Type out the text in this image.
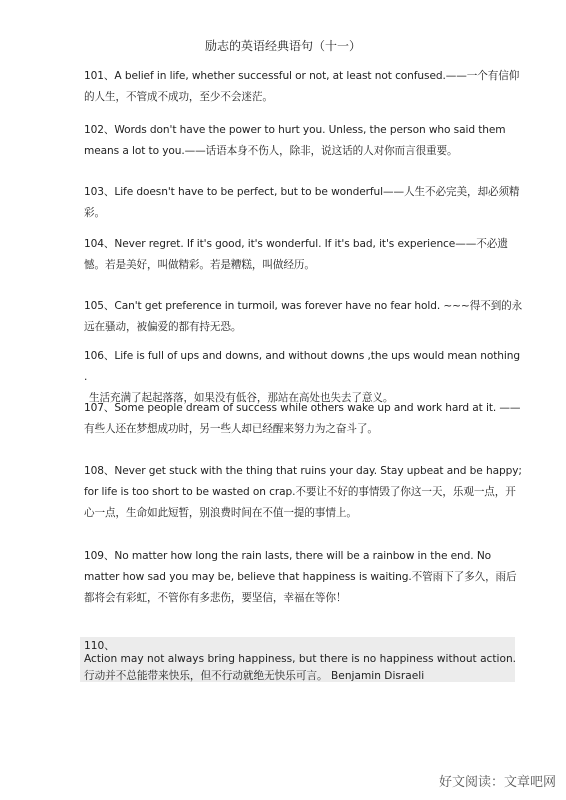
励志的英语经典语句（十一）

101、A belief in life, whether successful or not, at least not confused.——一个有信仰的人生，不管成不成功，至少不会迷茫。

102、Words don't have the power to hurt you. Unless, the person who said them means a lot to you.——话语本身不伤人，除非，说这话的人对你而言很重要。

103、Life doesn't have to be perfect, but to be wonderful——人生不必完美，却必须精彩。

104、Never regret. If it's good, it's wonderful. If it's bad, it's experience——不必遗憾。若是美好，叫做精彩。若是糟糕，叫做经历。

105、Can't get preference in turmoil, was forever have no fear hold. ~~~得不到的永远在骚动，被偏爱的都有持无恐。

106、Life is full of ups and downs, and without downs ,the ups would mean nothing .
生活充满了起起落落，如果没有低谷，那站在高处也失去了意义。

107、Some people dream of success while others wake up and work hard at it. ——
有些人还在梦想成功时，另一些人却已经醒来努力为之奋斗了。

108、Never get stuck with the thing that ruins your day. Stay upbeat and be happy; for life is too short to be wasted on crap.不要让不好的事情毁了你这一天，乐观一点，开心一点，生命如此短暂，别浪费时间在不值一提的事情上。

109、No matter how long the rain lasts, there will be a rainbow in the end. No matter how sad you may be, believe that happiness is waiting.不管雨下了多久，雨后都将会有彩虹，不管你有多悲伤，要坚信，幸福在等你！

110、
Action may not always bring happiness, but there is no happiness without action.
行动并不总能带来快乐，但不行动就绝无快乐可言。 Benjamin Disraeli
好文阅读：文章吧网
